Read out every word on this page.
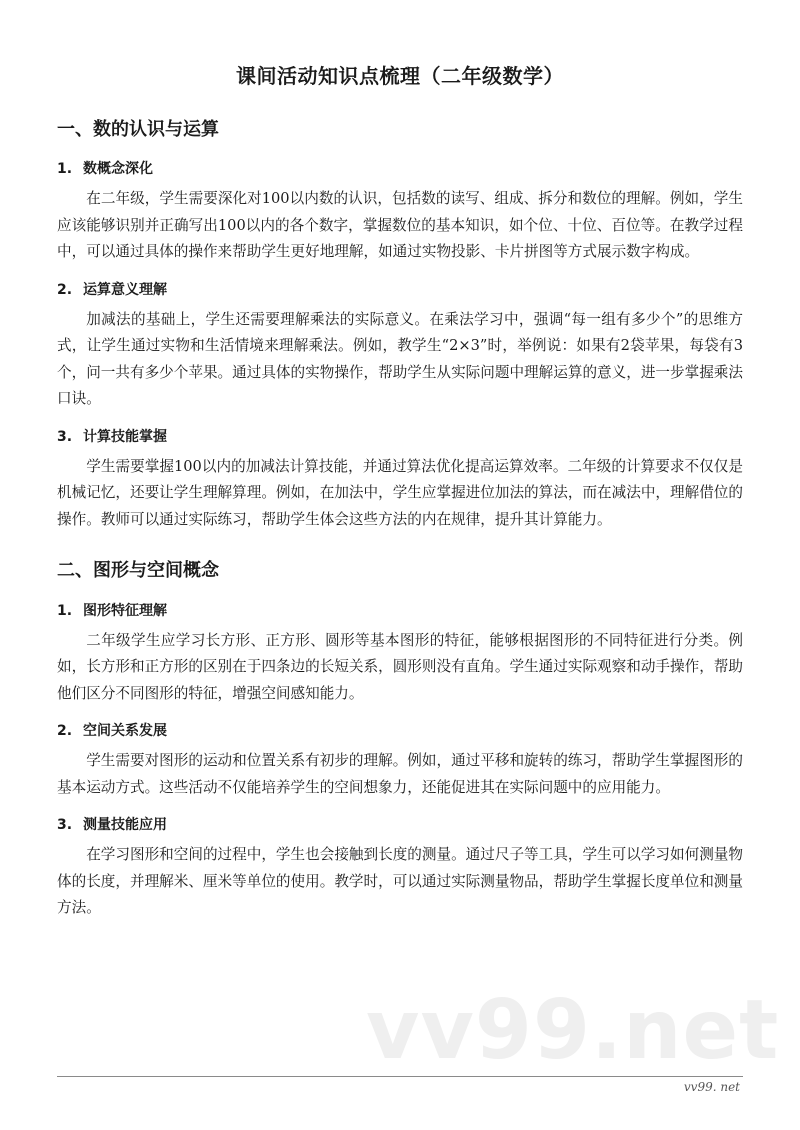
课间活动知识点梳理（二年级数学）
一、数的认识与运算
1. 数概念深化

在二年级，学生需要深化对100以内数的认识，包括数的读写、组成、拆分和数位的理解。例如，学生应该能够识别并正确写出100以内的各个数字，掌握数位的基本知识，如个位、十位、百位等。在教学过程中，可以通过具体的操作来帮助学生更好地理解，如通过实物投影、卡片拼图等方式展示数字构成。

2. 运算意义理解

加减法的基础上，学生还需要理解乘法的实际意义。在乘法学习中，强调“每一组有多少个”的思维方式，让学生通过实物和生活情境来理解乘法。例如，教学生“2×3”时，举例说：如果有2袋苹果，每袋有3个，问一共有多少个苹果。通过具体的实物操作，帮助学生从实际问题中理解运算的意义，进一步掌握乘法口诀。

3. 计算技能掌握

学生需要掌握100以内的加减法计算技能，并通过算法优化提高运算效率。二年级的计算要求不仅仅是机械记忆，还要让学生理解算理。例如，在加法中，学生应掌握进位加法的算法，而在减法中，理解借位的操作。教师可以通过实际练习，帮助学生体会这些方法的内在规律，提升其计算能力。

二、图形与空间概念
1. 图形特征理解

二年级学生应学习长方形、正方形、圆形等基本图形的特征，能够根据图形的不同特征进行分类。例如，长方形和正方形的区别在于四条边的长短关系，圆形则没有直角。学生通过实际观察和动手操作，帮助他们区分不同图形的特征，增强空间感知能力。

2. 空间关系发展

学生需要对图形的运动和位置关系有初步的理解。例如，通过平移和旋转的练习，帮助学生掌握图形的基本运动方式。这些活动不仅能培养学生的空间想象力，还能促进其在实际问题中的应用能力。

3. 测量技能应用

在学习图形和空间的过程中，学生也会接触到长度的测量。通过尺子等工具，学生可以学习如何测量物体的长度，并理解米、厘米等单位的使用。教学时，可以通过实际测量物品，帮助学生掌握长度单位和测量方法。

vv99.net
vv99. net
